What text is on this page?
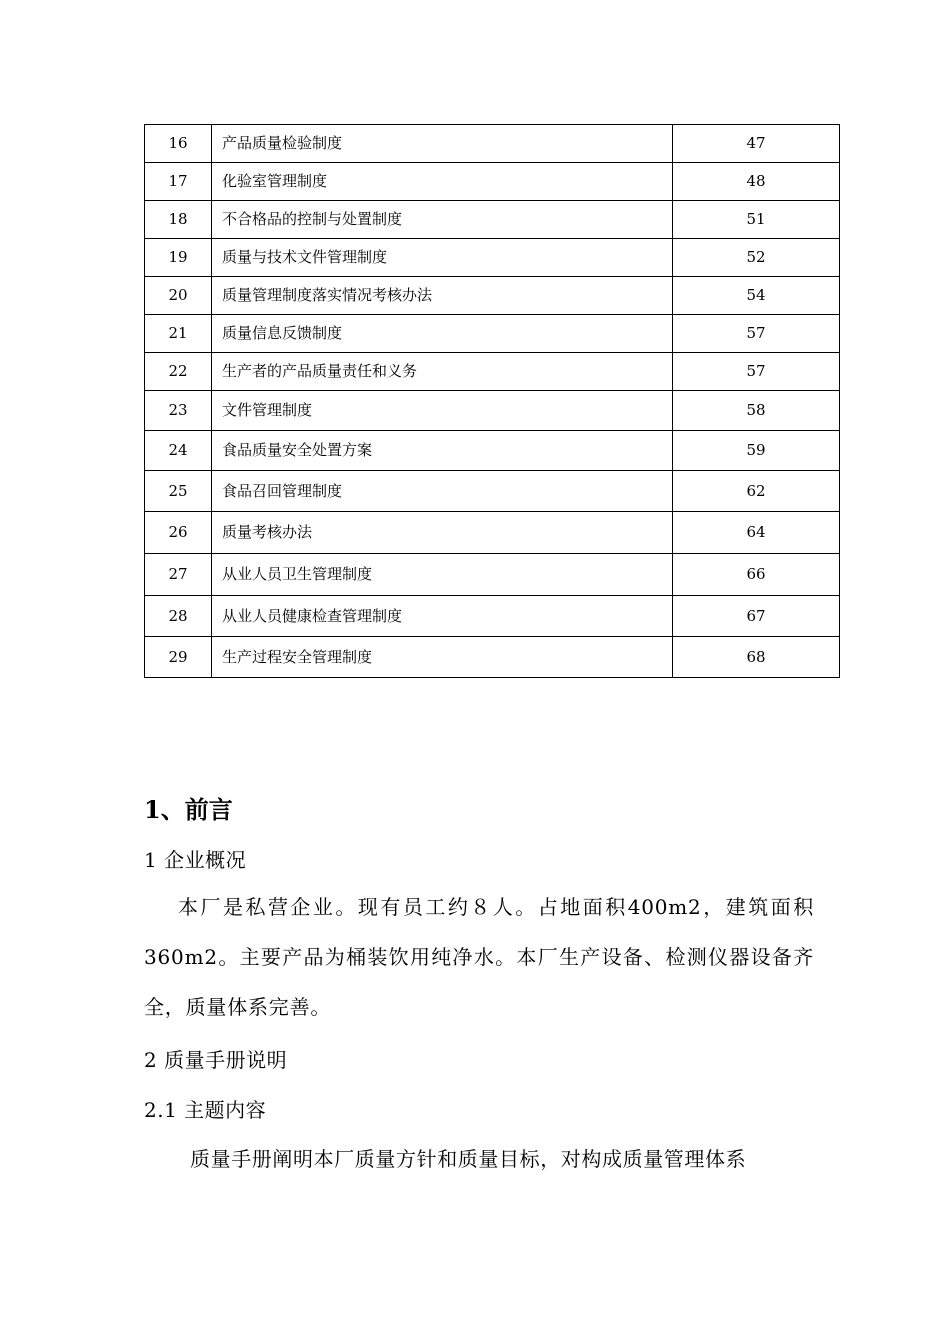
16	产品质量检验制度	47
17	化验室管理制度	48
18	不合格品的控制与处置制度	51
19	质量与技术文件管理制度	52
20	质量管理制度落实情况考核办法	54
21	质量信息反馈制度	57
22	生产者的产品质量责任和义务	57
23	文件管理制度	58
24	食品质量安全处置方案	59
25	食品召回管理制度	62
26	质量考核办法	64
27	从业人员卫生管理制度	66
28	从业人员健康检查管理制度	67
29	生产过程安全管理制度	68
1、前言

1 企业概况

本厂是私营企业。现有员工约８人。占地面积400m2，建筑面积360m2。主要产品为桶装饮用纯净水。本厂生产设备、检测仪器设备齐全，质量体系完善。

2 质量手册说明

2.1 主题内容

质量手册阐明本厂质量方针和质量目标，对构成质量管理体系
